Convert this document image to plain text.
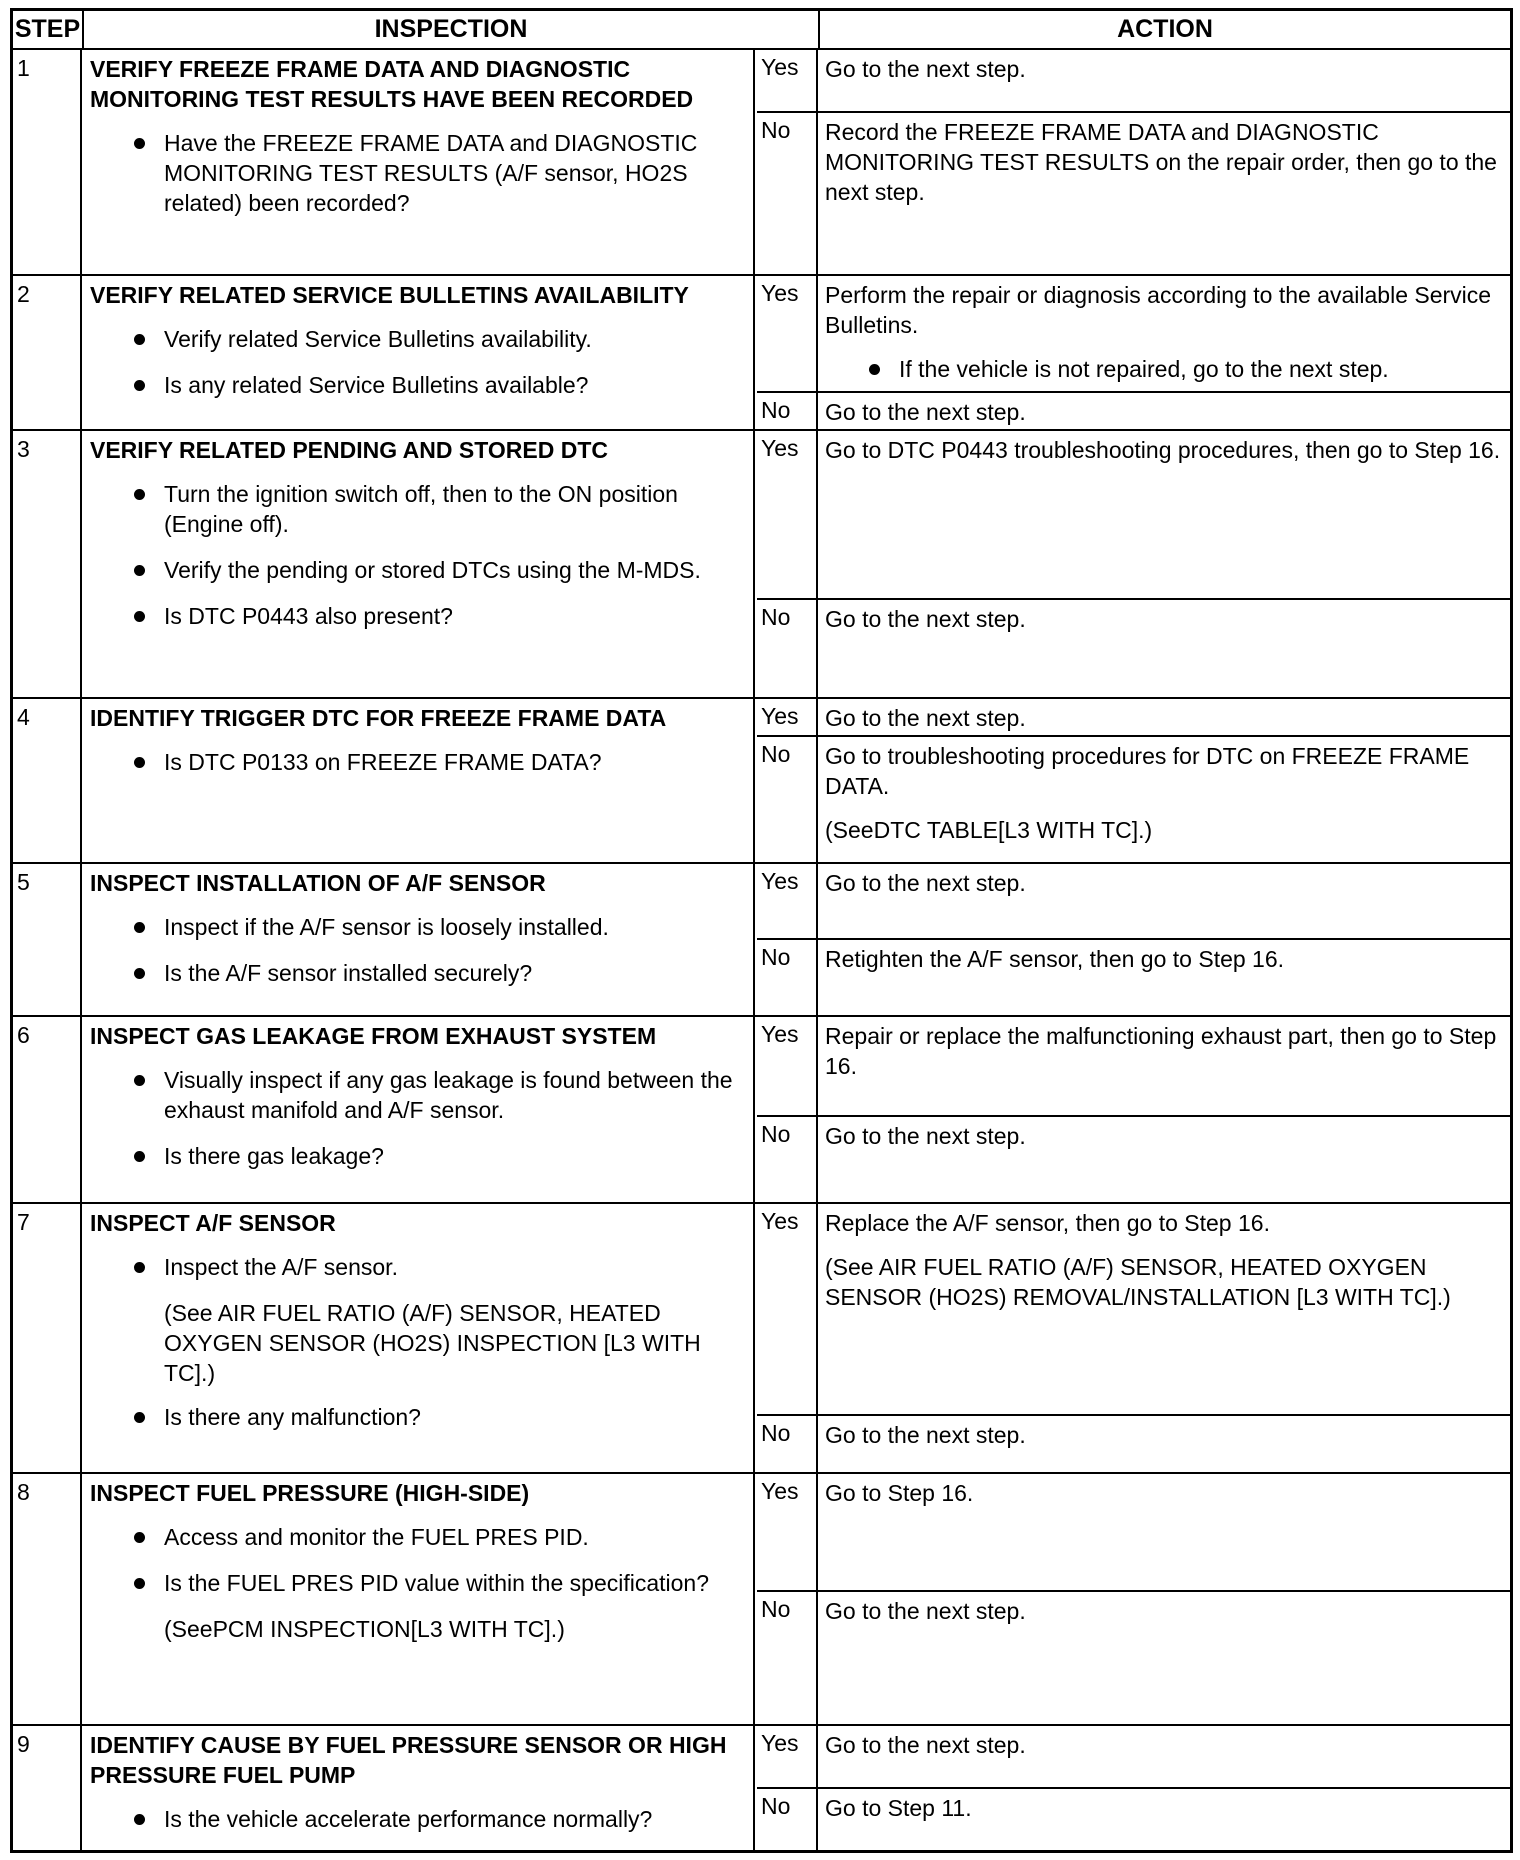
STEP	INSPECTION	ACTION
1	VERIFY FREEZE FRAME DATA AND DIAGNOSTIC MONITORING TEST RESULTS HAVE BEEN RECORDED
Have the FREEZE FRAME DATA and DIAGNOSTIC MONITORING TEST RESULTS (A/F sensor, HO2S related) been recorded?
Yes	Go to the next step.

No	Record the FREEZE FRAME DATA and DIAGNOSTIC MONITORING TEST RESULTS on the repair order, then go to the next step.

2	VERIFY RELATED SERVICE BULLETINS AVAILABILITY
Verify related Service Bulletins availability.
Is any related Service Bulletins available?
Yes	Perform the repair or diagnosis according to the available Service Bulletins.

If the vehicle is not repaired, go to the next step.
No	Go to the next step.

3	VERIFY RELATED PENDING AND STORED DTC
Turn the ignition switch off, then to the ON position (Engine off).
Verify the pending or stored DTCs using the M-MDS.
Is DTC P0443 also present?
Yes	Go to DTC P0443 troubleshooting procedures, then go to Step 16.

No	Go to the next step.

4	IDENTIFY TRIGGER DTC FOR FREEZE FRAME DATA
Is DTC P0133 on FREEZE FRAME DATA?
Yes	Go to the next step.

No	Go to troubleshooting procedures for DTC on FREEZE FRAME DATA.

(SeeDTC TABLE[L3 WITH TC].)

5	INSPECT INSTALLATION OF A/F SENSOR
Inspect if the A/F sensor is loosely installed.
Is the A/F sensor installed securely?
Yes	Go to the next step.

No	Retighten the A/F sensor, then go to Step 16.

6	INSPECT GAS LEAKAGE FROM EXHAUST SYSTEM
Visually inspect if any gas leakage is found between the exhaust manifold and A/F sensor.
Is there gas leakage?
Yes	Repair or replace the malfunctioning exhaust part, then go to Step 16.

No	Go to the next step.

7	INSPECT A/F SENSOR
Inspect the A/F sensor.
(See AIR FUEL RATIO (A/F) SENSOR, HEATED OXYGEN SENSOR (HO2S) INSPECTION [L3 WITH TC].)
Is there any malfunction?
Yes	Replace the A/F sensor, then go to Step 16.

(See AIR FUEL RATIO (A/F) SENSOR, HEATED OXYGEN SENSOR (HO2S) REMOVAL/INSTALLATION [L3 WITH TC].)

No	Go to the next step.

8	INSPECT FUEL PRESSURE (HIGH-SIDE)
Access and monitor the FUEL PRES PID.
Is the FUEL PRES PID value within the specification?
(SeePCM INSPECTION[L3 WITH TC].)
Yes	Go to Step 16.

No	Go to the next step.

9	IDENTIFY CAUSE BY FUEL PRESSURE SENSOR OR HIGH PRESSURE FUEL PUMP
Is the vehicle accelerate performance normally?
Yes	Go to the next step.

No	Go to Step 11.
